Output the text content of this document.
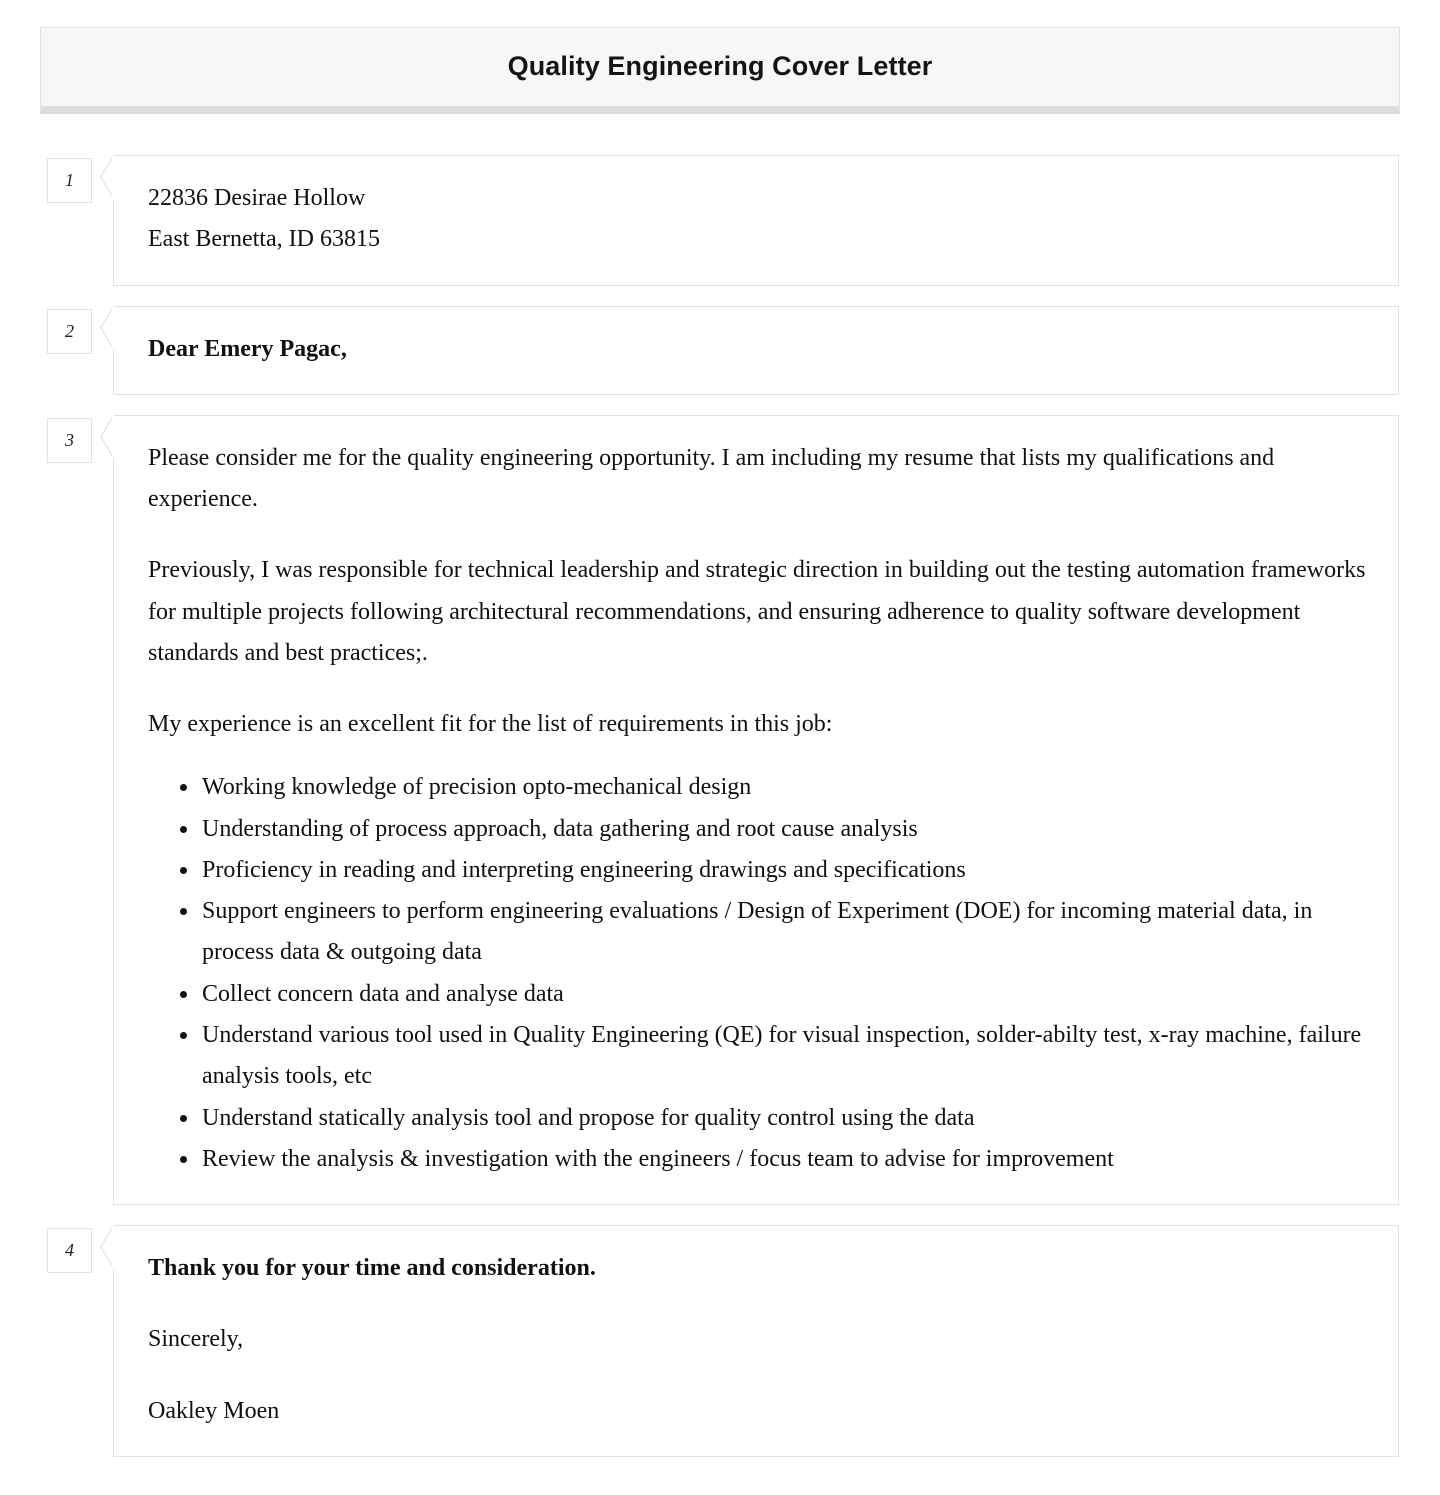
Quality Engineering Cover Letter
1

22836 Desirae Hollow

East Bernetta, ID 63815

2

Dear Emery Pagac,

3

Please consider me for the quality engineering opportunity. I am including my resume that lists my qualifications and experience.

Previously, I was responsible for technical leadership and strategic direction in building out the testing automation frameworks for multiple projects following architectural recommendations, and ensuring adherence to quality software development standards and best practices;.

My experience is an excellent fit for the list of requirements in this job:

• Working knowledge of precision opto-mechanical design
• Understanding of process approach, data gathering and root cause analysis
• Proficiency in reading and interpreting engineering drawings and specifications
• Support engineers to perform engineering evaluations / Design of Experiment (DOE) for incoming material data, in process data & outgoing data
• Collect concern data and analyse data
• Understand various tool used in Quality Engineering (QE) for visual inspection, solder-abilty test, x-ray machine, failure analysis tools, etc
• Understand statically analysis tool and propose for quality control using the data
• Review the analysis & investigation with the engineers / focus team to advise for improvement
4

Thank you for your time and consideration.

Sincerely,

Oakley Moen
